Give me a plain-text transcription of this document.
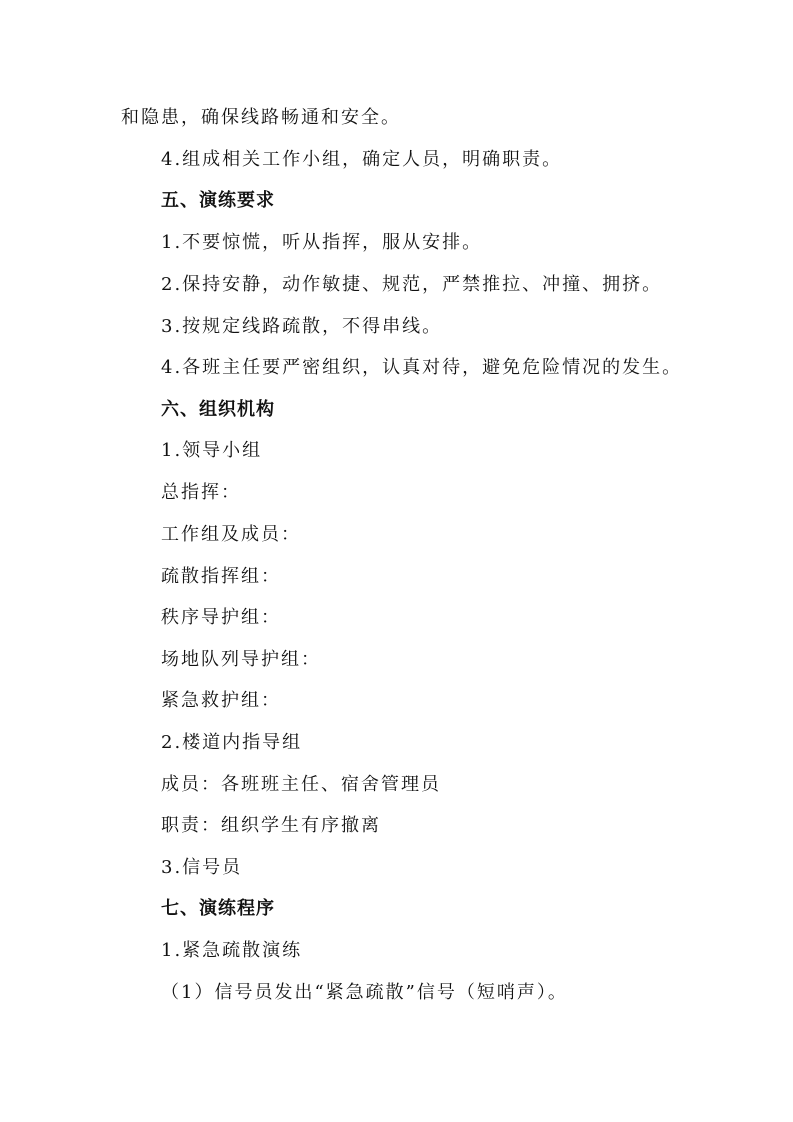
和隐患，确保线路畅通和安全。
4.组成相关工作小组，确定人员，明确职责。
五、演练要求
1.不要惊慌，听从指挥，服从安排。
2.保持安静，动作敏捷、规范，严禁推拉、冲撞、拥挤。
3.按规定线路疏散，不得串线。
4.各班主任要严密组织，认真对待，避免危险情况的发生。
六、组织机构
1.领导小组
总指挥：
工作组及成员：
疏散指挥组：
秩序导护组：
场地队列导护组：
紧急救护组：
2.楼道内指导组
成员：各班班主任、宿舍管理员
职责：组织学生有序撤离
3.信号员
七、演练程序
1.紧急疏散演练
（1）信号员发出“紧急疏散”信号（短哨声）。
